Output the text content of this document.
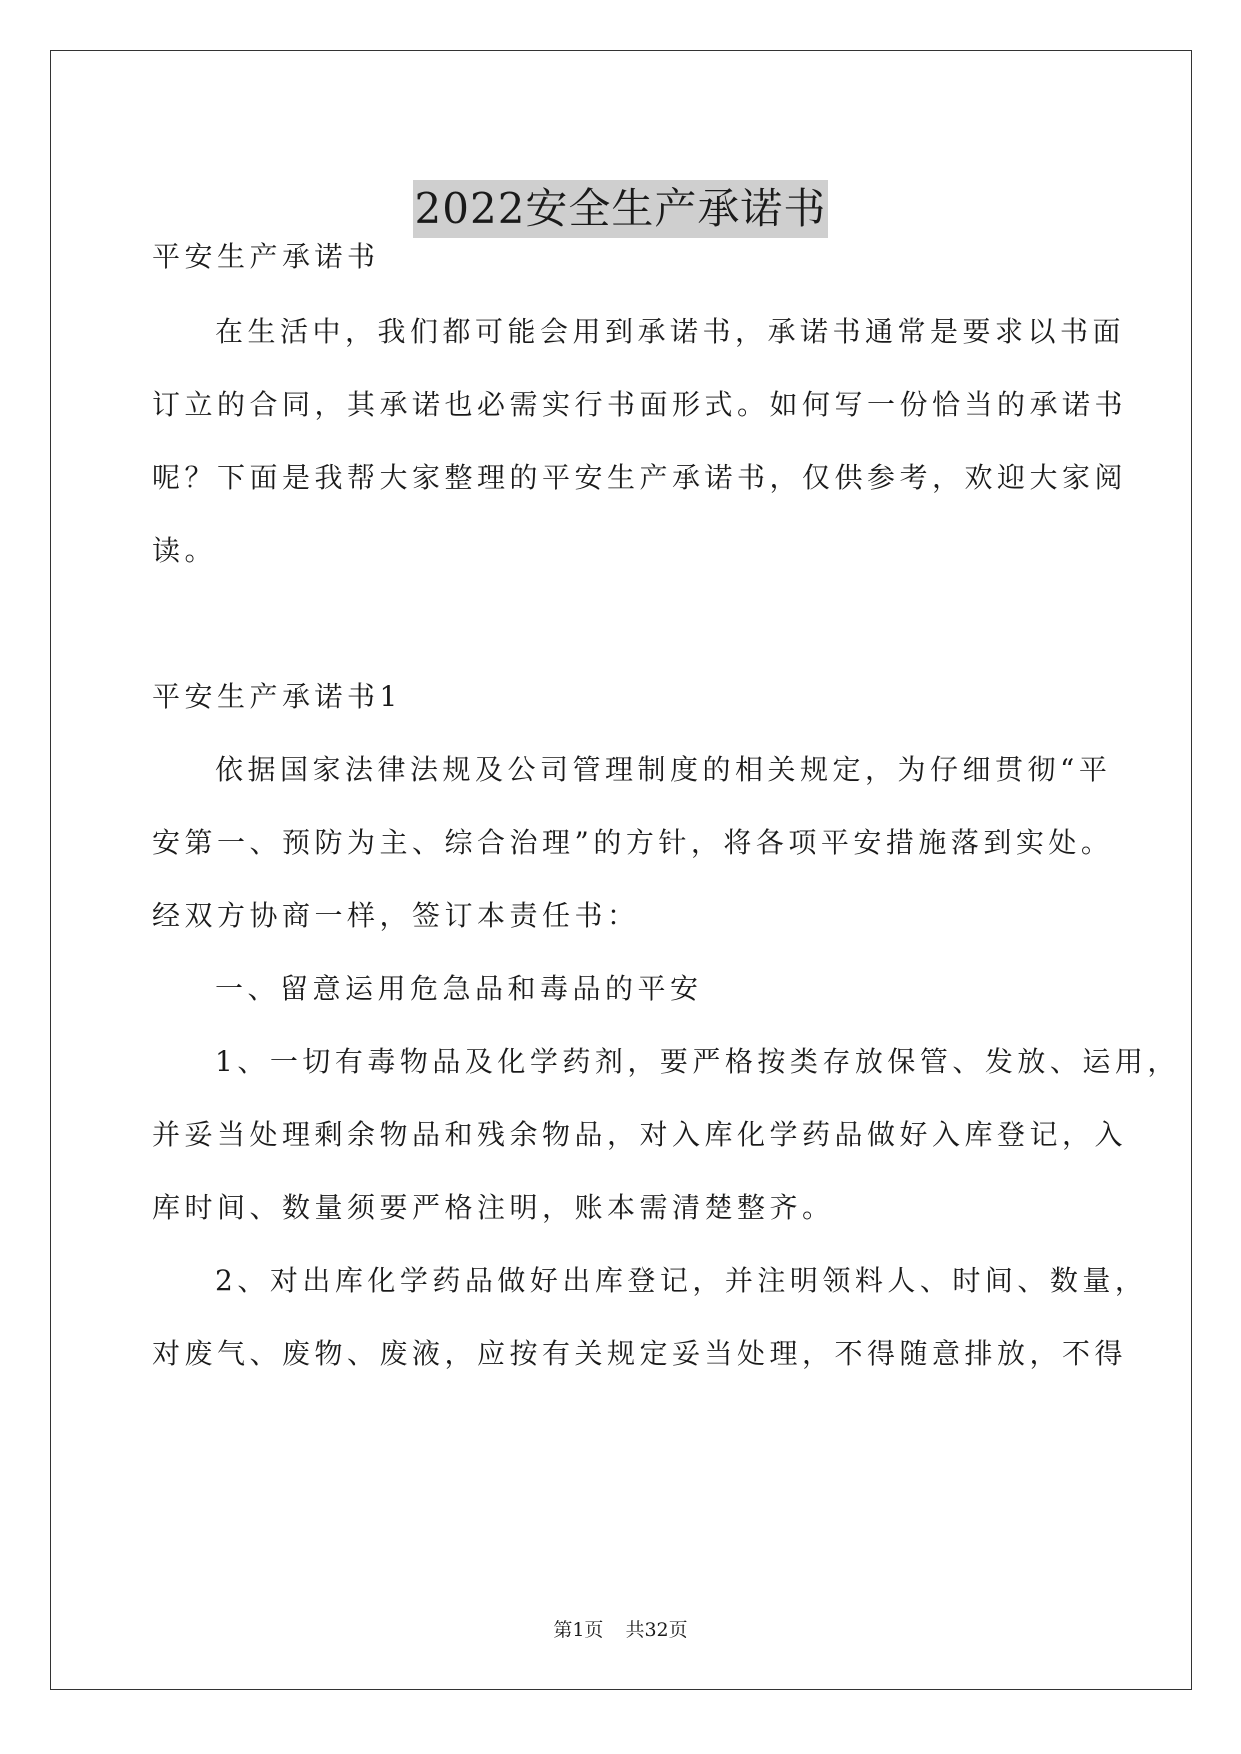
2022安全生产承诺书
平安生产承诺书
在生活中，我们都可能会用到承诺书，承诺书通常是要求以书面
订立的合同，其承诺也必需实行书面形式。如何写一份恰当的承诺书
呢？下面是我帮大家整理的平安生产承诺书，仅供参考，欢迎大家阅
读。
平安生产承诺书1
依据国家法律法规及公司管理制度的相关规定，为仔细贯彻“平
安第一、预防为主、综合治理”的方针，将各项平安措施落到实处。
经双方协商一样，签订本责任书：
一、留意运用危急品和毒品的平安
1、一切有毒物品及化学药剂，要严格按类存放保管、发放、运用，
并妥当处理剩余物品和残余物品，对入库化学药品做好入库登记，入
库时间、数量须要严格注明，账本需清楚整齐。
2、对出库化学药品做好出库登记，并注明领料人、时间、数量，
对废气、废物、废液，应按有关规定妥当处理，不得随意排放，不得
第1页 共32页
